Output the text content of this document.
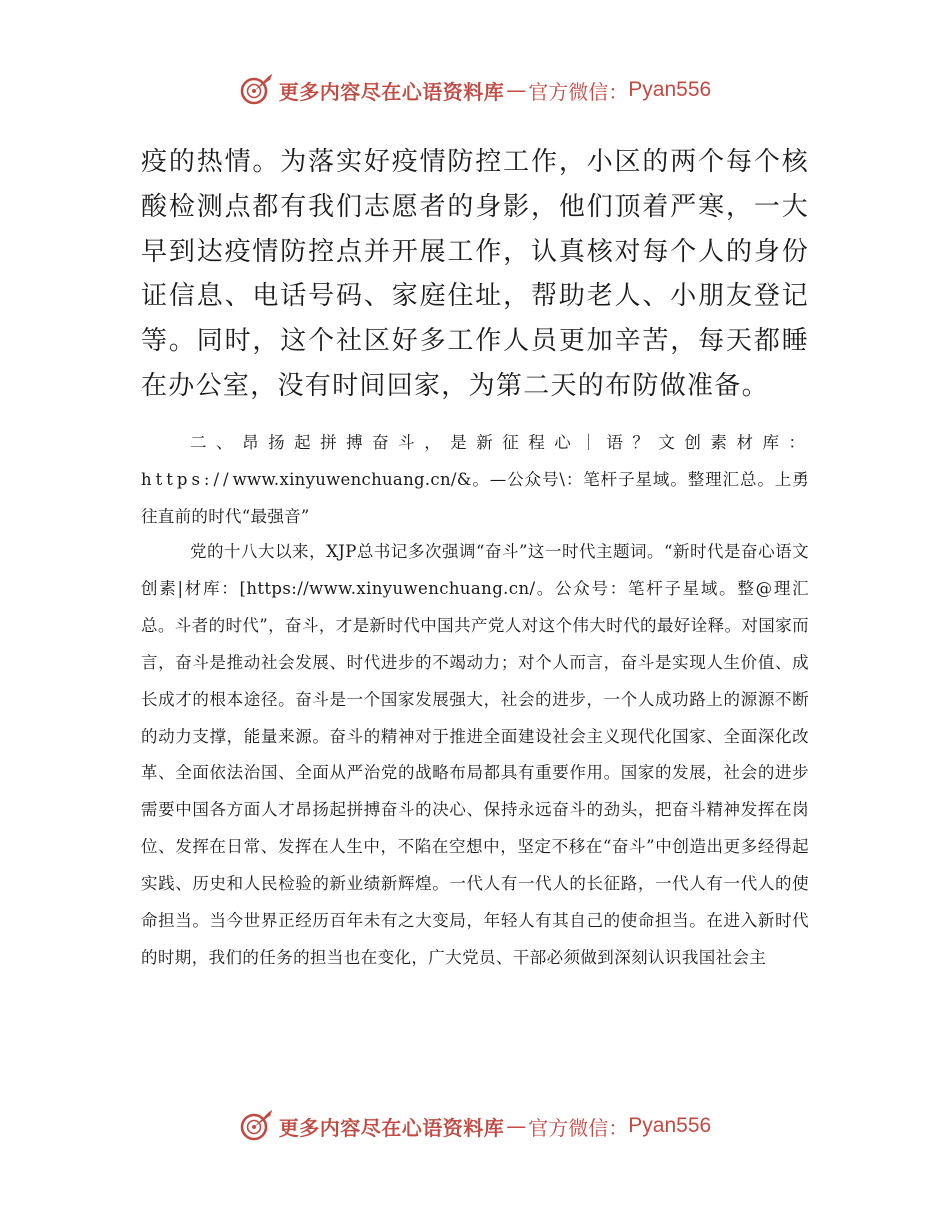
更多内容尽在心语资料库 — 官方微信： Pyan556
疫的热情。为落实好疫情防控工作，小区的两个每个核酸检测点都有我们志愿者的身影，他们顶着严寒，一大早到达疫情防控点并开展工作，认真核对每个人的身份证信息、电话号码、家庭住址，帮助老人、小朋友登记等。同时，这个社区好多工作人员更加辛苦，每天都睡在办公室，没有时间回家，为第二天的布防做准备。
二、昂扬起拼搏奋斗，是新征程心｜语？文创素材库：https://www.xinyuwenchuang.cn/&。—公众号\：笔杆子星域。整理汇总。上勇往直前的时代“最强音”
党的十八大以来，XJP总书记多次强调“奋斗”这一时代主题词。“新时代是奋心语文创素|材库：[https://www.xinyuwenchuang.cn/。公众号：笔杆子星域。整@理汇总。斗者的时代”，奋斗，才是新时代中国共产党人对这个伟大时代的最好诠释。对国家而言，奋斗是推动社会发展、时代进步的不竭动力；对个人而言，奋斗是实现人生价值、成长成才的根本途径。奋斗是一个国家发展强大，社会的进步，一个人成功路上的源源不断的动力支撑，能量来源。奋斗的精神对于推进全面建设社会主义现代化国家、全面深化改革、全面依法治国、全面从严治党的战略布局都具有重要作用。国家的发展，社会的进步需要中国各方面人才昂扬起拼搏奋斗的决心、保持永远奋斗的劲头，把奋斗精神发挥在岗位、发挥在日常、发挥在人生中，不陷在空想中，坚定不移在“奋斗”中创造出更多经得起实践、历史和人民检验的新业绩新辉煌。一代人有一代人的长征路，一代人有一代人的使命担当。当今世界正经历百年未有之大变局，年轻人有其自己的使命担当。在进入新时代的时期，我们的任务的担当也在变化，广大党员、干部必须做到深刻认识我国社会主
更多内容尽在心语资料库 — 官方微信： Pyan556
